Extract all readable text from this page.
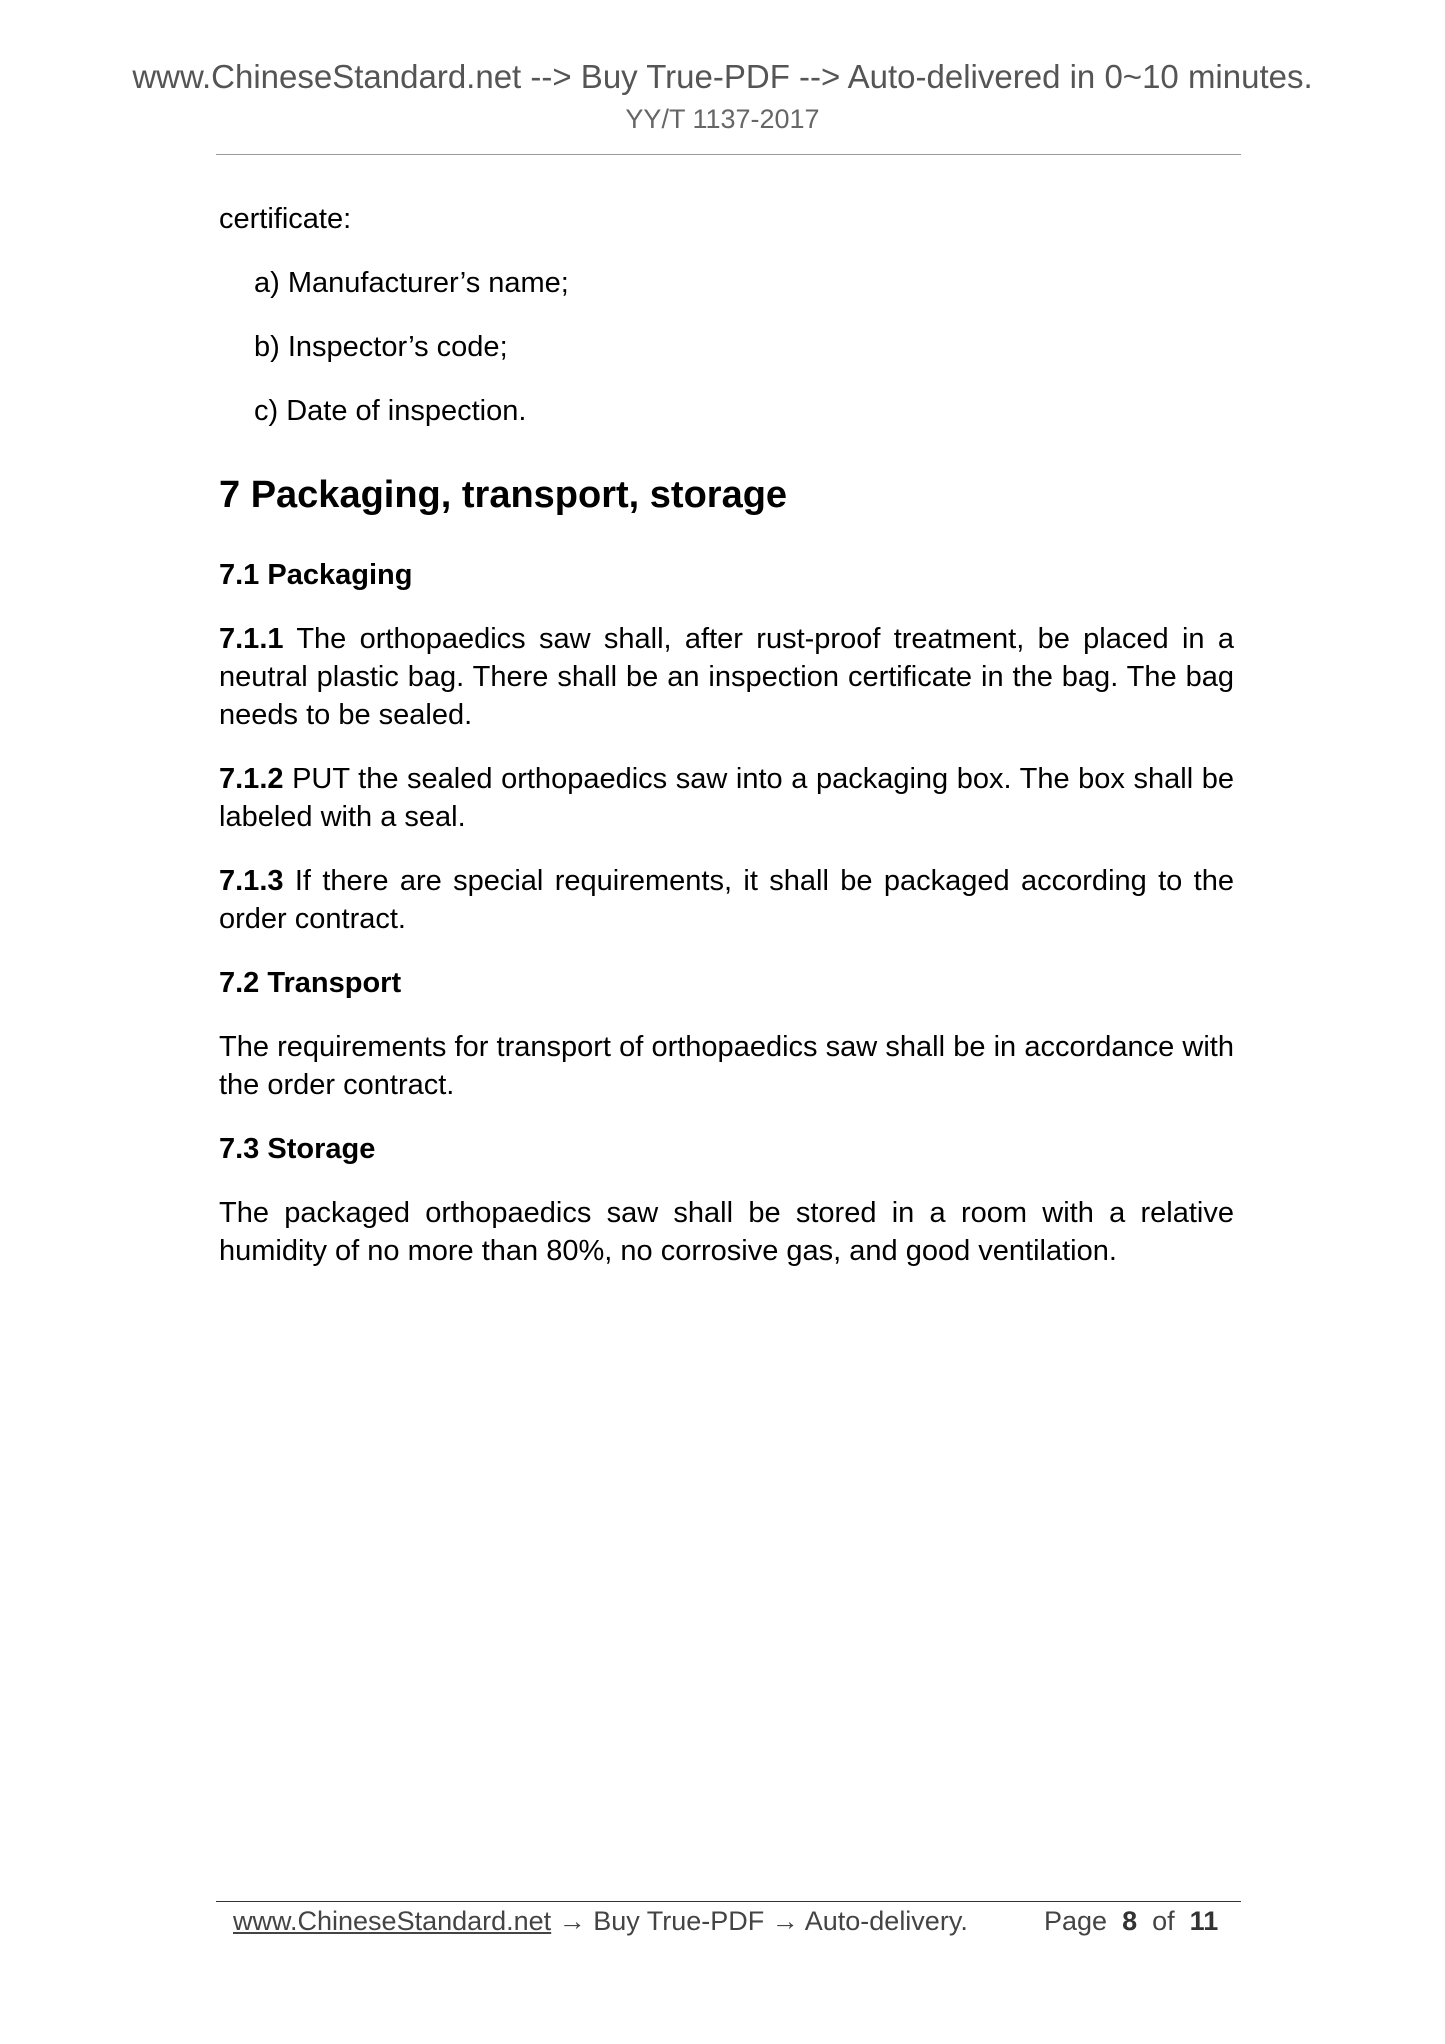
www.ChineseStandard.net --> Buy True-PDF --> Auto-delivered in 0~10 minutes.
YY/T 1137-2017

certificate:

a) Manufacturer’s name;

b) Inspector’s code;

c) Date of inspection.

7 Packaging, transport, storage
7.1 Packaging

7.1.1 The orthopaedics saw shall, after rust-proof treatment, be placed in a neutral plastic bag. There shall be an inspection certificate in the bag. The bag needs to be sealed.

7.1.2 PUT the sealed orthopaedics saw into a packaging box. The box shall be labeled with a seal.

7.1.3 If there are special requirements, it shall be packaged according to the order contract.

7.2 Transport

The requirements for transport of orthopaedics saw shall be in accordance with the order contract.

7.3 Storage

The packaged orthopaedics saw shall be stored in a room with a relative humidity of no more than 80%, no corrosive gas, and good ventilation.

www.ChineseStandard.net → Buy True-PDF → Auto-delivery.	Page 8 of 11
